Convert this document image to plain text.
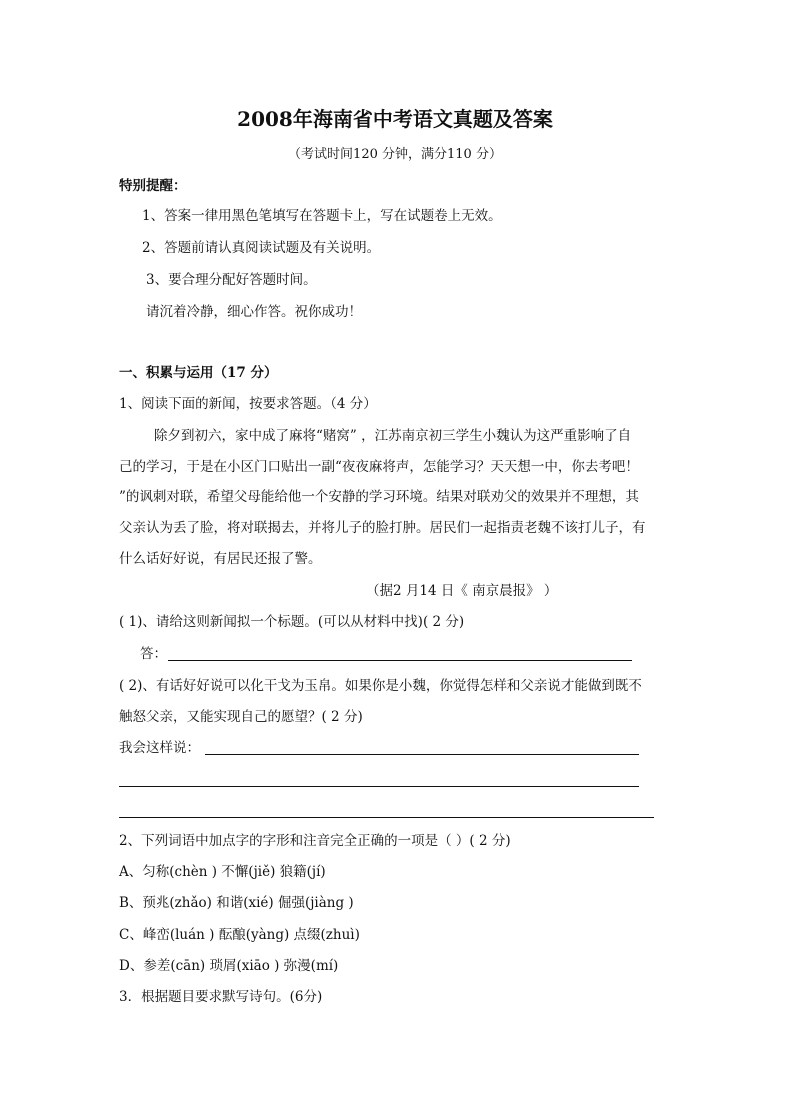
2008年海南省中考语文真题及答案
（考试时间120 分钟，满分110 分）
特别提醒：
1、答案一律用黑色笔填写在答题卡上，写在试题卷上无效。
2、答题前请认真阅读试题及有关说明。
3、要合理分配好答题时间。
请沉着冷静，细心作答。祝你成功！
一、积累与运用（17 分）
1、阅读下面的新闻，按要求答题。（4 分）
除夕到初六，家中成了麻将“赌窝” ，江苏南京初三学生小魏认为这严重影响了自
己的学习，于是在小区门口贴出一副“夜夜麻将声，怎能学习？天天想一中，你去考吧！
”的讽刺对联，希望父母能给他一个安静的学习环境。结果对联劝父的效果并不理想，其
父亲认为丢了脸，将对联揭去，并将儿子的脸打肿。居民们一起指责老魏不该打儿子，有
什么话好好说，有居民还报了警。
（据2 月14 日《 南京晨报》 ）
( 1)、请给这则新闻拟一个标题。(可以从材料中找)( 2 分)
答：
( 2)、有话好好说可以化干戈为玉帛。如果你是小魏，你觉得怎样和父亲说才能做到既不
触怒父亲，又能实现自己的愿望？( 2 分)
我会这样说：
2、下列词语中加点字的字形和注音完全正确的一项是（ ）( 2 分)
A、匀称(chèn ) 不懈(jiě) 狼籍(jí)
B、预兆(zhǎo) 和谐(xié) 倔强(jiàng )
C、峰峦(luán ) 酝酿(yàng) 点缀(zhuì)
D、参差(cān) 琐屑(xiāo ) 弥漫(mí)
3．根据题目要求默写诗句。(6分)
